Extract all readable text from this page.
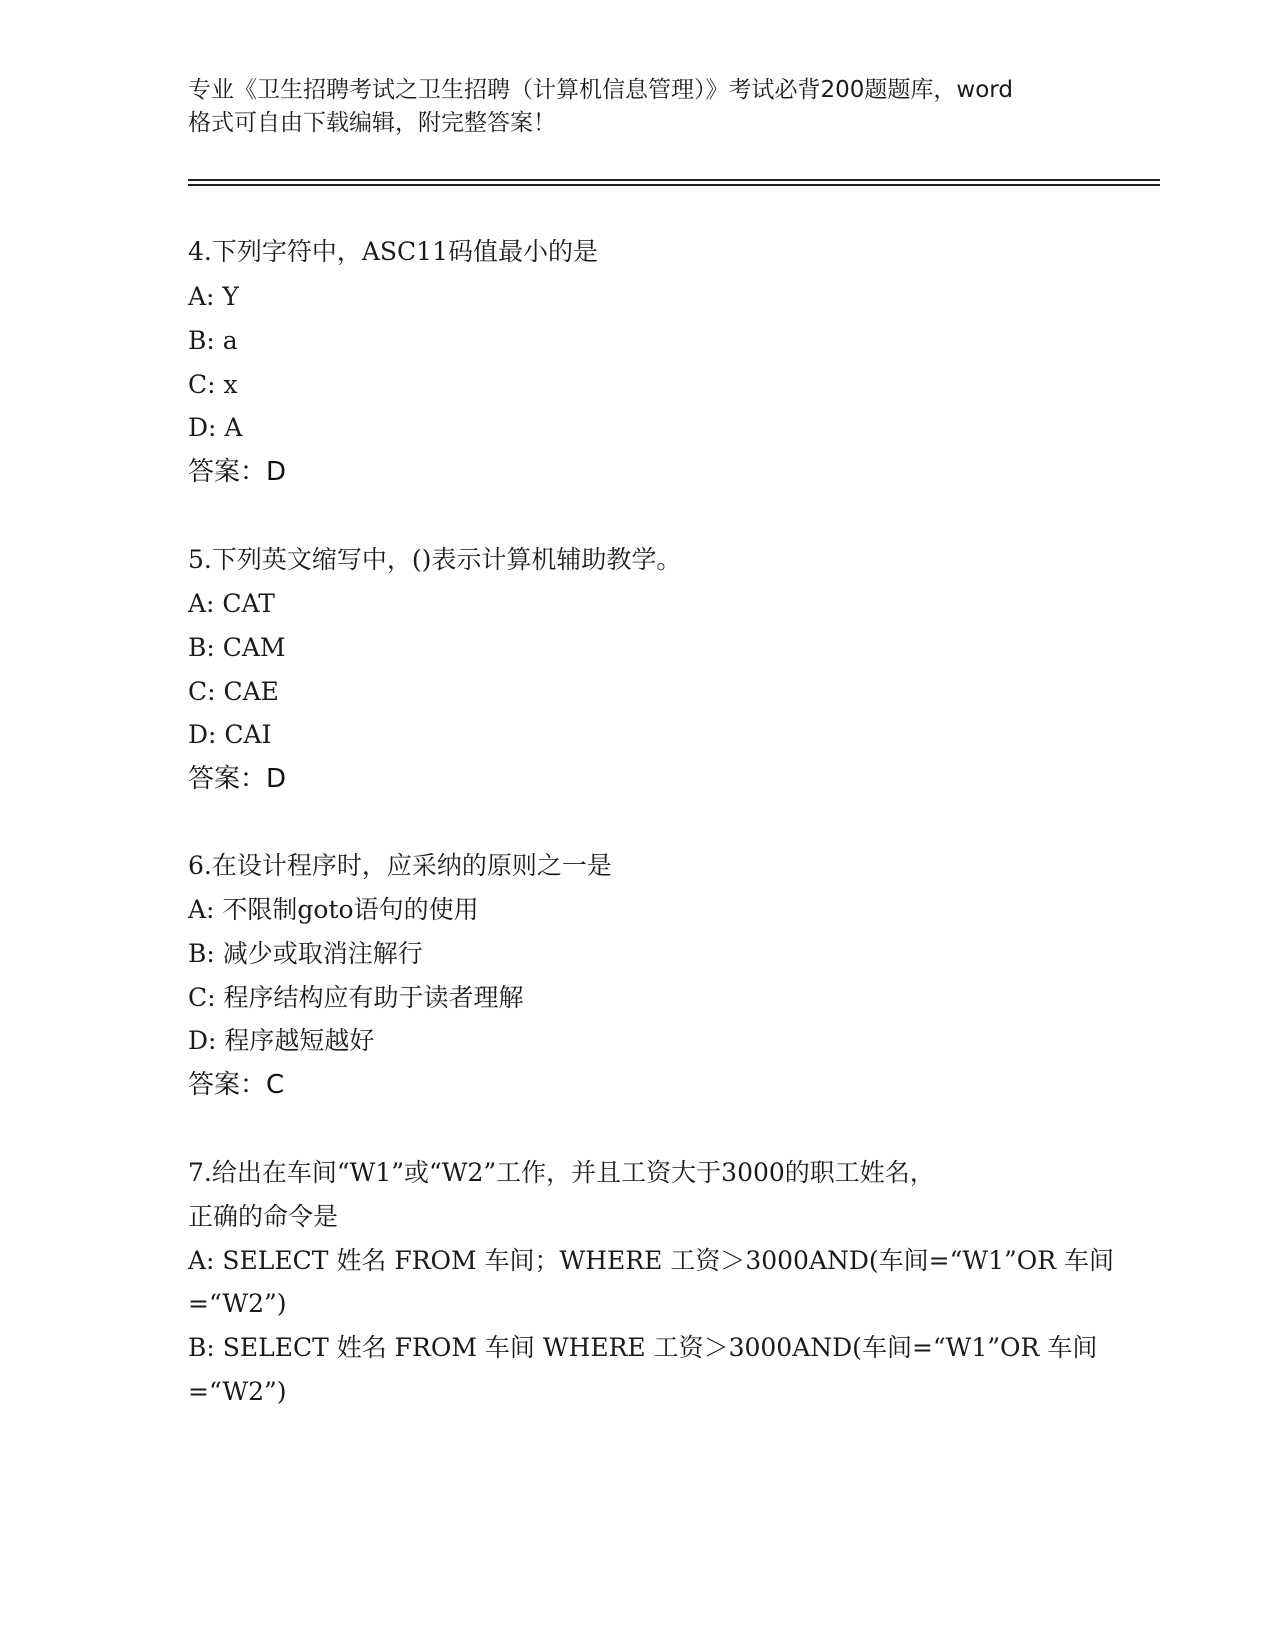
专业《卫生招聘考试之卫生招聘（计算机信息管理）》考试必背200题题库，word
格式可自由下载编辑，附完整答案！
4.下列字符中，ASC11码值最小的是
A: Y
B: a
C: x
D: A
答案：D
5.下列英文缩写中，()表示计算机辅助教学。
A: CAT
B: CAM
C: CAE
D: CAI
答案：D
6.在设计程序时，应采纳的原则之一是
A: 不限制goto语句的使用
B: 减少或取消注解行
C: 程序结构应有助于读者理解
D: 程序越短越好
答案：C
7.给出在车间“W1”或“W2”工作，并且工资大于3000的职工姓名，
正确的命令是
A: SELECT 姓名 FROM 车间；WHERE 工资＞3000AND(车间=“W1”OR 车间
=“W2”)
B: SELECT 姓名 FROM 车间 WHERE 工资＞3000AND(车间=“W1”OR 车间
=“W2”)
